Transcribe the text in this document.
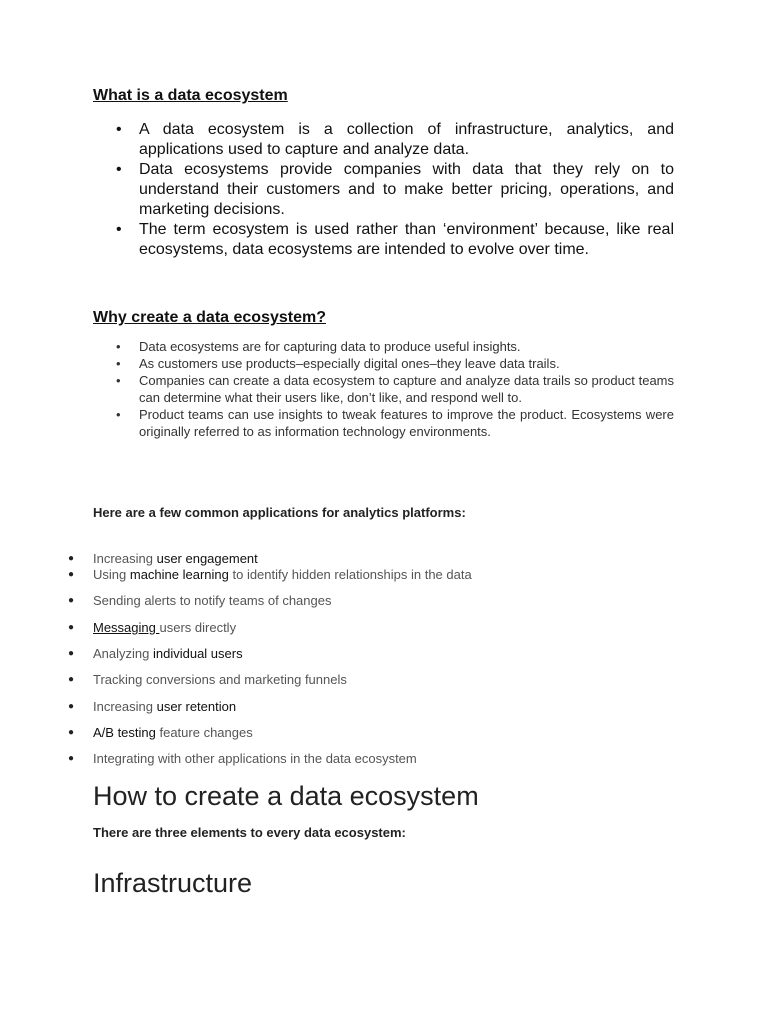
What is a data ecosystem
• A data ecosystem is a collection of infrastructure, analytics, and applications used to capture and analyze data.
• Data ecosystems provide companies with data that they rely on to understand their customers and to make better pricing, operations, and marketing decisions.
• The term ecosystem is used rather than ‘environment’ because, like real ecosystems, data ecosystems are intended to evolve over time.
Why create a data ecosystem?
• Data ecosystems are for capturing data to produce useful insights.
• As customers use products–especially digital ones–they leave data trails.
• Companies can create a data ecosystem to capture and analyze data trails so product teams can determine what their users like, don’t like, and respond well to.
• Product teams can use insights to tweak features to improve the product. Ecosystems were originally referred to as information technology environments.

Here are a few common applications for analytics platforms:

● Increasing user engagement
● Using machine learning to identify hidden relationships in the data
● Sending alerts to notify teams of changes
● Messaging users directly
● Analyzing individual users
● Tracking conversions and marketing funnels
● Increasing user retention
● A/B testing feature changes
● Integrating with other applications in the data ecosystem
How to create a data ecosystem

There are three elements to every data ecosystem:

Infrastructure
